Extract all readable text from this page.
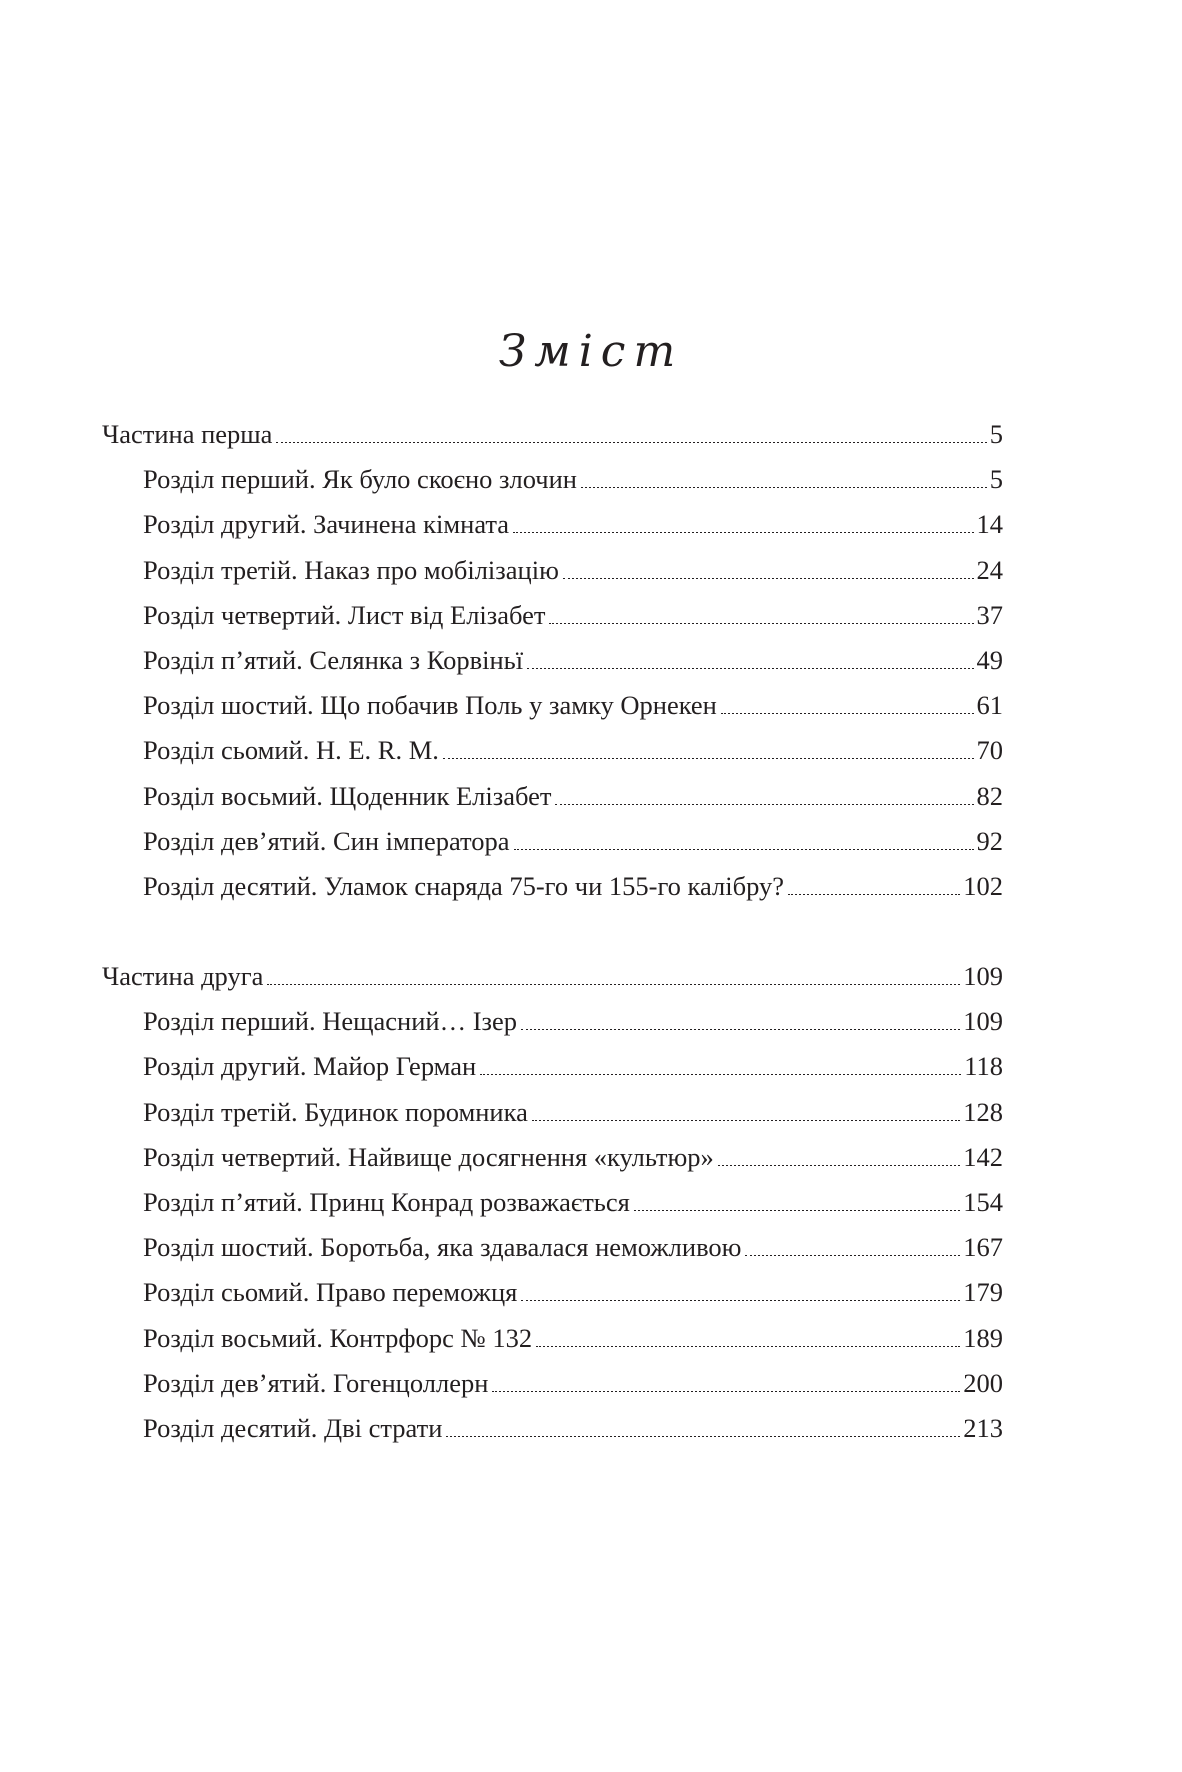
Зміст
Частина перша	5
Розділ перший. Як було скоєно злочин	5
Розділ другий. Зачинена кімната	14
Розділ третій. Наказ про мобілізацію	24
Розділ четвертий. Лист від Елізабет	37
Розділ п’ятий. Селянка з Корвіньї	49
Розділ шостий. Що побачив Поль у замку Орнекен	61
Розділ сьомий. H. E. R. M.	70
Розділ восьмий. Щоденник Елізабет	82
Розділ дев’ятий. Син імператора	92
Розділ десятий. Уламок снаряда 75-го чи 155-го калібру?	102
Частина друга	109
Розділ перший. Нещасний… Ізер	109
Розділ другий. Майор Герман	118
Розділ третій. Будинок поромника	128
Розділ четвертий. Найвище досягнення «культюр»	142
Розділ п’ятий. Принц Конрад розважається	154
Розділ шостий. Боротьба, яка здавалася неможливою	167
Розділ сьомий. Право переможця	179
Розділ восьмий. Контрфорс № 132	189
Розділ дев’ятий. Гогенцоллерн	200
Розділ десятий. Дві страти	213
